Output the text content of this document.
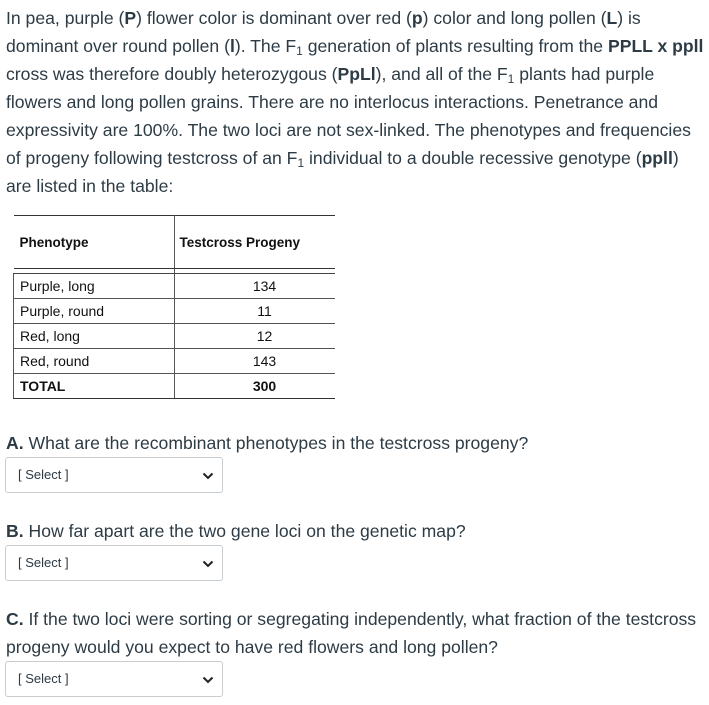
In pea, purple (P) flower color is dominant over red (p) color and long pollen (L) is dominant over round pollen (l). The $F_1$ generation of plants resulting from the PPLL x ppll cross was therefore doubly heterozygous (PpLl), and all of the $F_1$ plants had purple flowers and long pollen grains. There are no interlocus interactions. Penetrance and expressivity are 100%. The two loci are not sex-linked. The phenotypes and frequencies of progeny following testcross of an $F_1$ individual to a double recessive genotype (ppll) are listed in the table:

Phenotype	Testcross Progeny

Purple, long	134
Purple, round	11
Red, long	12
Red, round	143
TOTAL	300

A. What are the recombinant phenotypes in the testcross progeny?

[ Select ]

B. How far apart are the two gene loci on the genetic map?

[ Select ]

C. If the two loci were sorting or segregating independently, what fraction of the testcross progeny would you expect to have red flowers and long pollen?

[ Select ]
